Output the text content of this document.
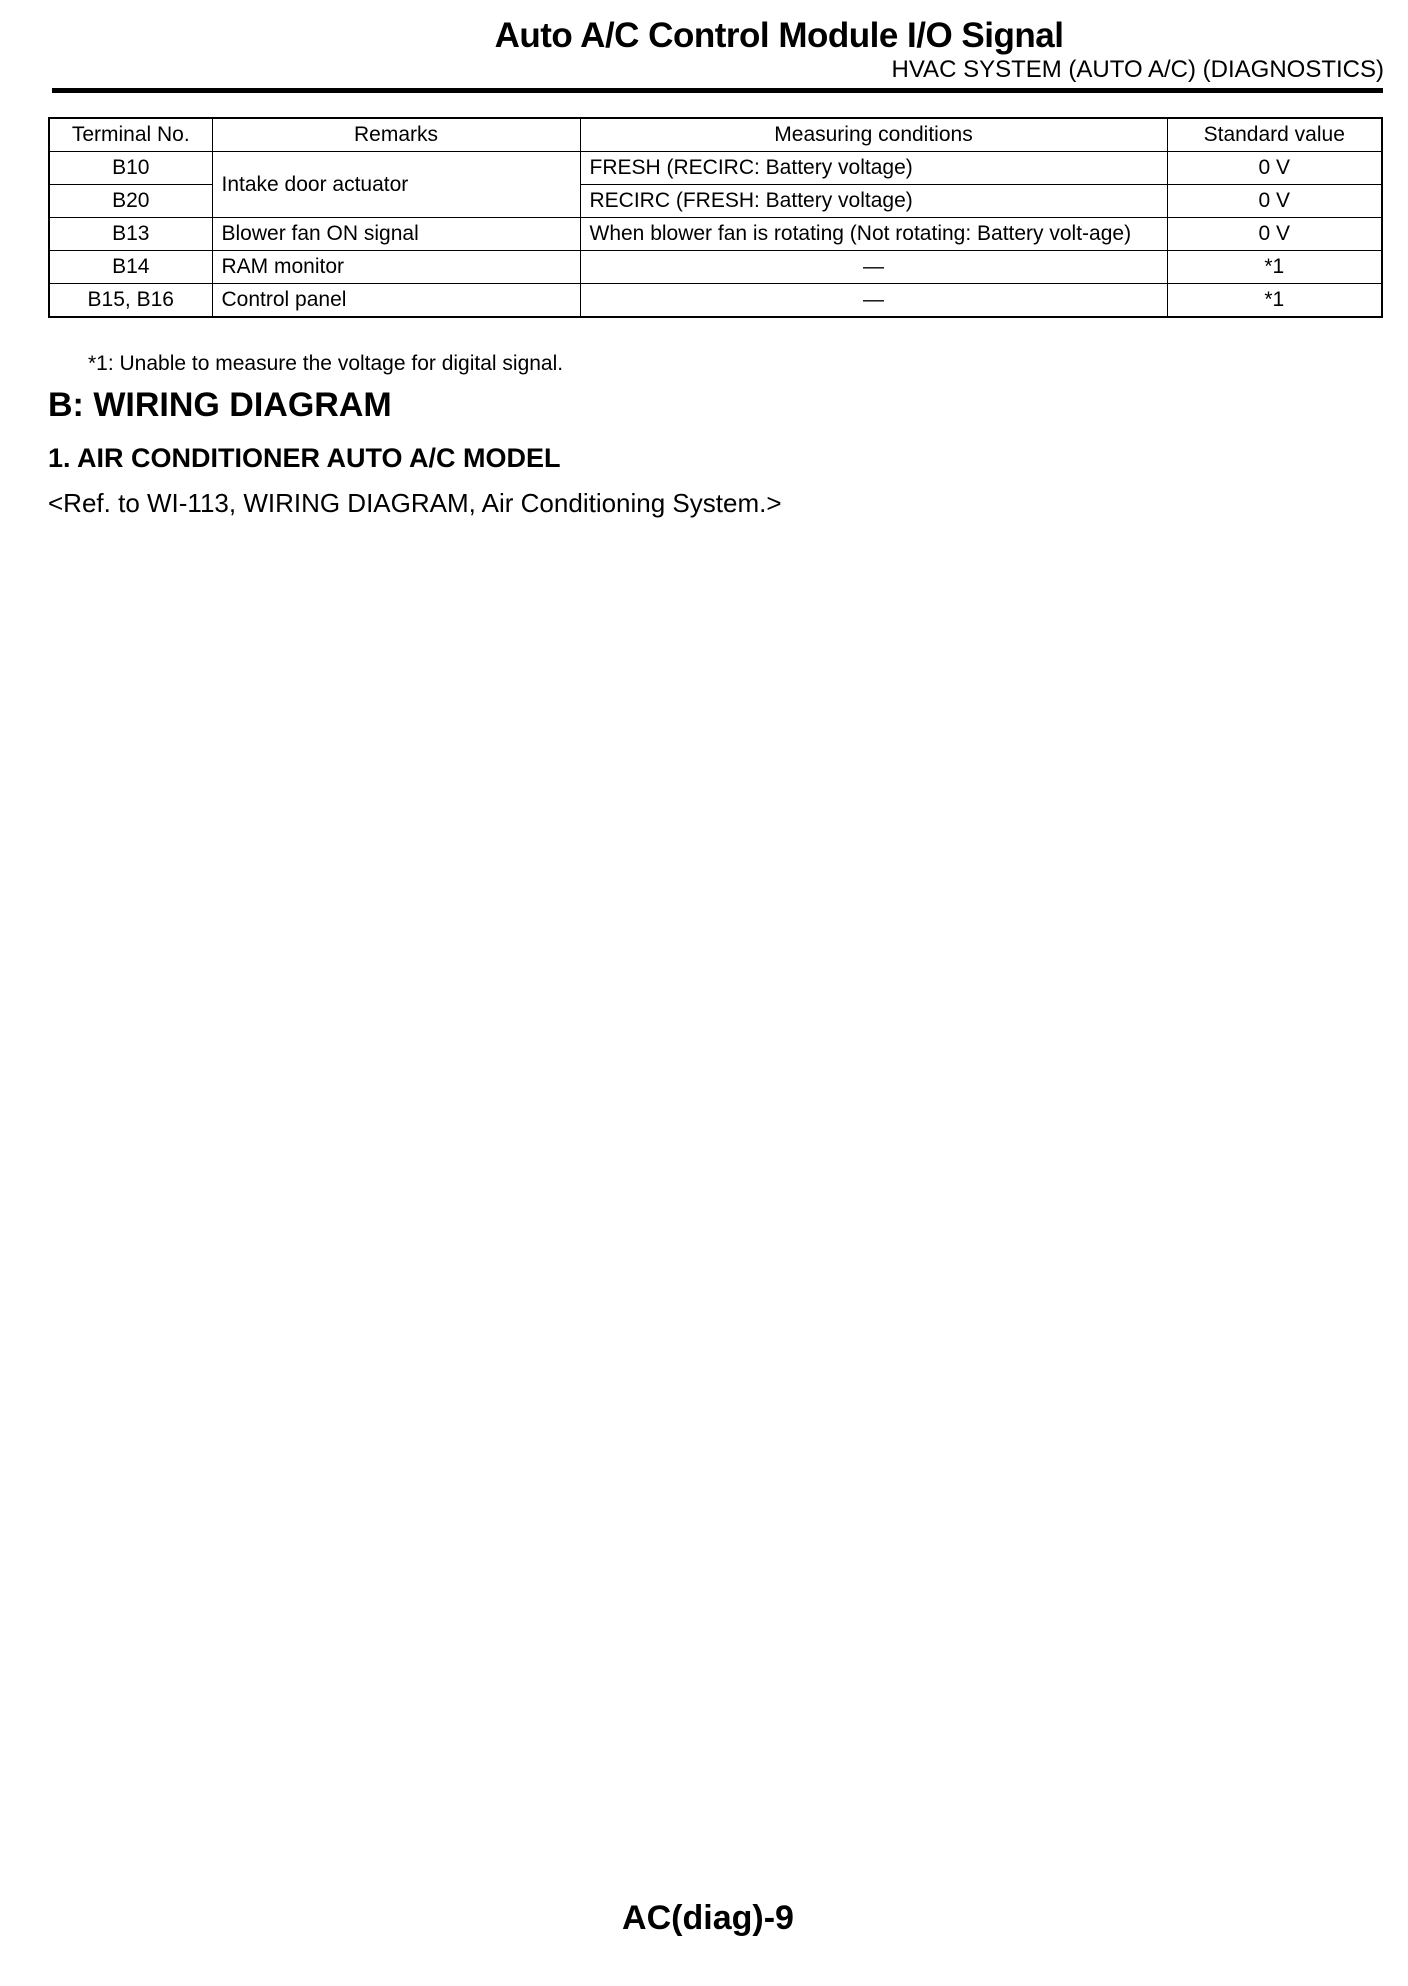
Auto A/C Control Module I/O Signal
HVAC SYSTEM (AUTO A/C) (DIAGNOSTICS)
Terminal No.	Remarks	Measuring conditions	Standard value
B10	Intake door actuator	FRESH (RECIRC: Battery voltage)	0 V
B20		RECIRC (FRESH: Battery voltage)	0 V
B13	Blower fan ON signal	When blower fan is rotating (Not rotating: Battery volt-age)	0 V
B14	RAM monitor	—	*1
B15, B16	Control panel	—	*1
*1: Unable to measure the voltage for digital signal.
B: WIRING DIAGRAM
1. AIR CONDITIONER AUTO A/C MODEL
<Ref. to WI-113, WIRING DIAGRAM, Air Conditioning System.>
AC(diag)-9
